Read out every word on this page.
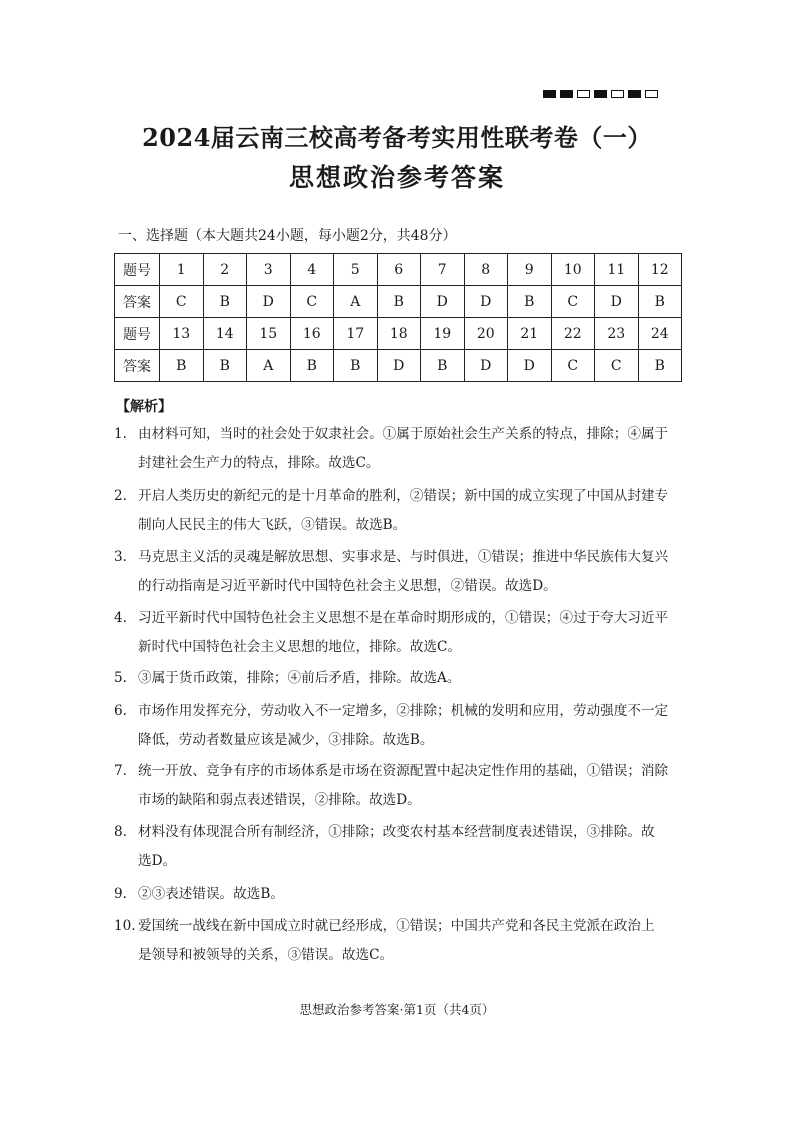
2024届云南三校高考备考实用性联考卷（一）
思想政治参考答案
一、选择题（本大题共24小题，每小题2分，共48分）
题号	1	2	3	4	5	6	7	8	9	10	11	12
答案	C	B	D	C	A	B	D	D	B	C	D	B
题号	13	14	15	16	17	18	19	20	21	22	23	24
答案	B	B	A	B	B	D	B	D	D	C	C	B
【解析】
1. 由材料可知，当时的社会处于奴隶社会。①属于原始社会生产关系的特点，排除；④属于
封建社会生产力的特点，排除。故选C。
2. 开启人类历史的新纪元的是十月革命的胜利，②错误；新中国的成立实现了中国从封建专
制向人民民主的伟大飞跃，③错误。故选B。
3. 马克思主义活的灵魂是解放思想、实事求是、与时俱进，①错误；推进中华民族伟大复兴
的行动指南是习近平新时代中国特色社会主义思想，②错误。故选D。
4. 习近平新时代中国特色社会主义思想不是在革命时期形成的，①错误；④过于夸大习近平
新时代中国特色社会主义思想的地位，排除。故选C。
5. ③属于货币政策，排除；④前后矛盾，排除。故选A。
6. 市场作用发挥充分，劳动收入不一定增多，②排除；机械的发明和应用，劳动强度不一定
降低，劳动者数量应该是减少，③排除。故选B。
7. 统一开放、竞争有序的市场体系是市场在资源配置中起决定性作用的基础，①错误；消除
市场的缺陷和弱点表述错误，②排除。故选D。
8. 材料没有体现混合所有制经济，①排除；改变农村基本经营制度表述错误，③排除。故
选D。
9. ②③表述错误。故选B。
10. 爱国统一战线在新中国成立时就已经形成，①错误；中国共产党和各民主党派在政治上
是领导和被领导的关系，③错误。故选C。
思想政治参考答案·第1页（共4页）
